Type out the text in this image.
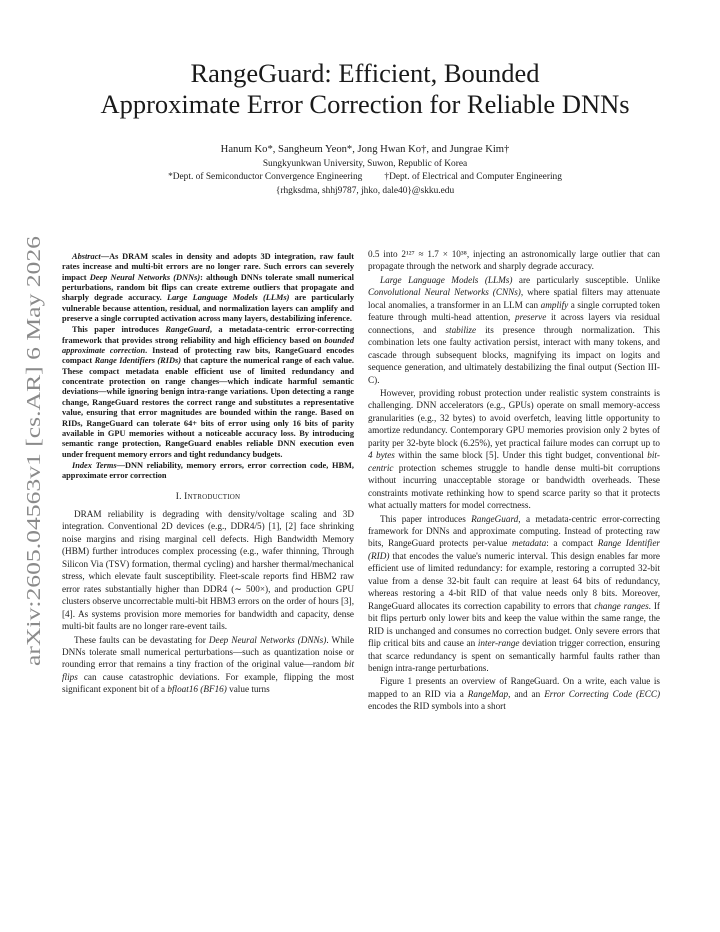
arXiv:2605.04563v1 [cs.AR] 6 May 2026
RangeGuard: Efficient, Bounded
Approximate Error Correction for Reliable DNNs
Hanum Ko*, Sangheum Yeon*, Jong Hwan Ko†, and Jungrae Kim†
Sungkyunkwan University, Suwon, Republic of Korea
*Dept. of Semiconductor Convergence Engineering †Dept. of Electrical and Computer Engineering
{rhgksdma, shhj9787, jhko, dale40}@skku.edu

Abstract—As DRAM scales in density and adopts 3D integration, raw fault rates increase and multi-bit errors are no longer rare. Such errors can severely impact Deep Neural Networks (DNNs): although DNNs tolerate small numerical perturbations, random bit flips can create extreme outliers that propagate and sharply degrade accuracy. Large Language Models (LLMs) are particularly vulnerable because attention, residual, and normalization layers can amplify and preserve a single corrupted activation across many layers, destabilizing inference.

This paper introduces RangeGuard, a metadata-centric error-correcting framework that provides strong reliability and high efficiency based on bounded approximate correction. Instead of protecting raw bits, RangeGuard encodes compact Range Identifiers (RIDs) that capture the numerical range of each value. These compact metadata enable efficient use of limited redundancy and concentrate protection on range changes—which indicate harmful semantic deviations—while ignoring benign intra-range variations. Upon detecting a range change, RangeGuard restores the correct range and substitutes a representative value, ensuring that error magnitudes are bounded within the range. Based on RIDs, RangeGuard can tolerate 64+ bits of error using only 16 bits of parity available in GPU memories without a noticeable accuracy loss. By introducing semantic range protection, RangeGuard enables reliable DNN execution even under frequent memory errors and tight redundancy budgets.

Index Terms—DNN reliability, memory errors, error correction code, HBM, approximate error correction

I. Introduction

DRAM reliability is degrading with density/voltage scaling and 3D integration. Conventional 2D devices (e.g., DDR4/5) [1], [2] face shrinking noise margins and rising marginal cell defects. High Bandwidth Memory (HBM) further introduces complex processing (e.g., wafer thinning, Through Silicon Via (TSV) formation, thermal cycling) and harsher thermal/mechanical stress, which elevate fault susceptibility. Fleet-scale reports find HBM2 raw error rates substantially higher than DDR4 (∼ 500×), and production GPU clusters observe uncorrectable multi-bit HBM3 errors on the order of hours [3], [4]. As systems provision more memories for bandwidth and capacity, dense multi-bit faults are no longer rare-event tails.

These faults can be devastating for Deep Neural Networks (DNNs). While DNNs tolerate small numerical perturbations—such as quantization noise or rounding error that remains a tiny fraction of the original value—random bit flips can cause catastrophic deviations. For example, flipping the most significant exponent bit of a bfloat16 (BF16) value turns

0.5 into 2¹²⁷ ≈ 1.7 × 10³⁸, injecting an astronomically large outlier that can propagate through the network and sharply degrade accuracy.

Large Language Models (LLMs) are particularly susceptible. Unlike Convolutional Neural Networks (CNNs), where spatial filters may attenuate local anomalies, a transformer in an LLM can amplify a single corrupted token feature through multi-head attention, preserve it across layers via residual connections, and stabilize its presence through normalization. This combination lets one faulty activation persist, interact with many tokens, and cascade through subsequent blocks, magnifying its impact on logits and sequence generation, and ultimately destabilizing the final output (Section III-C).

However, providing robust protection under realistic system constraints is challenging. DNN accelerators (e.g., GPUs) operate on small memory-access granularities (e.g., 32 bytes) to avoid overfetch, leaving little opportunity to amortize redundancy. Contemporary GPU memories provision only 2 bytes of parity per 32-byte block (6.25%), yet practical failure modes can corrupt up to 4 bytes within the same block [5]. Under this tight budget, conventional bit-centric protection schemes struggle to handle dense multi-bit corruptions without incurring unacceptable storage or bandwidth overheads. These constraints motivate rethinking how to spend scarce parity so that it protects what actually matters for model correctness.

This paper introduces RangeGuard, a metadata-centric error-correcting framework for DNNs and approximate computing. Instead of protecting raw bits, RangeGuard protects per-value metadata: a compact Range Identifier (RID) that encodes the value's numeric interval. This design enables far more efficient use of limited redundancy: for example, restoring a corrupted 32-bit value from a dense 32-bit fault can require at least 64 bits of redundancy, whereas restoring a 4-bit RID of that value needs only 8 bits. Moreover, RangeGuard allocates its correction capability to errors that change ranges. If bit flips perturb only lower bits and keep the value within the same range, the RID is unchanged and consumes no correction budget. Only severe errors that flip critical bits and cause an inter-range deviation trigger correction, ensuring that scarce redundancy is spent on semantically harmful faults rather than benign intra-range perturbations.

Figure 1 presents an overview of RangeGuard. On a write, each value is mapped to an RID via a RangeMap, and an Error Correcting Code (ECC) encodes the RID symbols into a short
